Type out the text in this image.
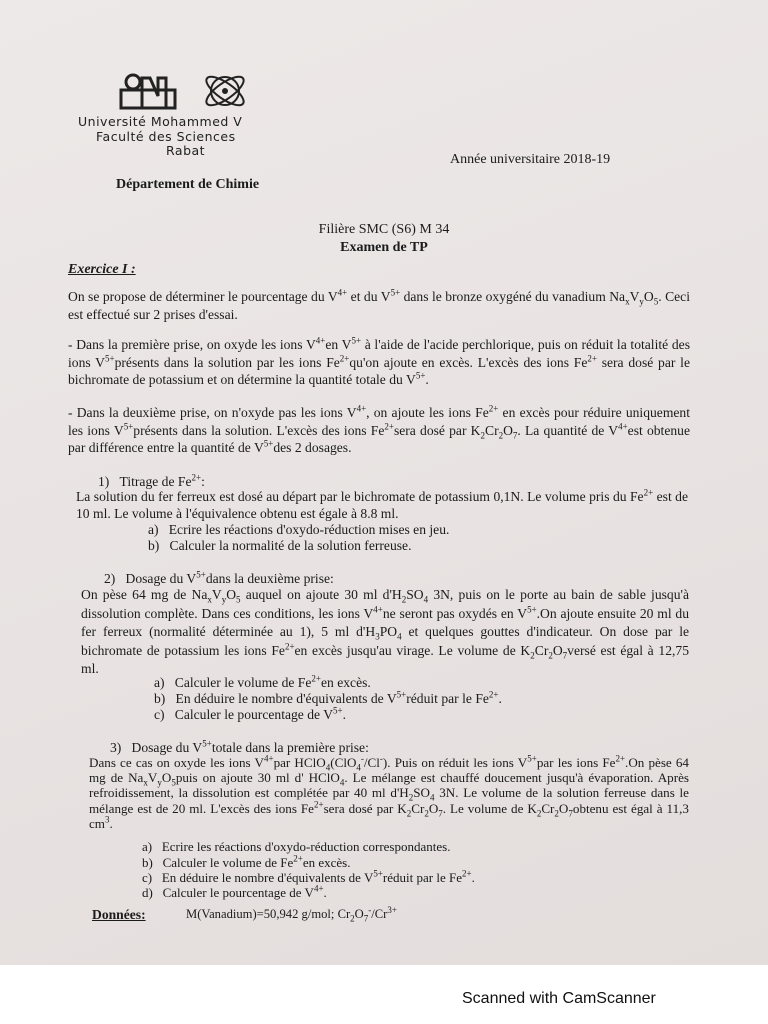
Université Mohammed V
Faculté des Sciences
Rabat
Année universitaire 2018-19
Département de Chimie
Filière SMC (S6) M 34
Examen de TP
Exercice I :
On se propose de déterminer le pourcentage du $V^{4+}$ et du $V^{5+}$ dans le bronze oxygéné du vanadium $Na_xV_yO_5$. Ceci est effectué sur 2 prises d'essai.
- Dans la première prise, on oxyde les ions $V^{4+}en$ $V^{5+}$ à l'aide de l'acide perchlorique, puis on réduit la totalité des ions $V^{5+}présents$ dans la solution par les ions $Fe^{2+}qu'on$ ajoute en excès. L'excès des ions $Fe^{2+}$ sera dosé par le bichromate de potassium et on détermine la quantité totale du $V^{5+}$.
- Dans la deuxième prise, on n'oxyde pas les ions $V^{4+}$, on ajoute les ions $Fe^{2+}$ en excès pour réduire uniquement les ions $V^{5+}présents$ dans la solution. L'excès des ions $Fe^{2+}sera$ dosé par $K_2Cr_2O_7$. La quantité de $V^{4+}est$ obtenue par différence entre la quantité de $V^{5+}des$ 2 dosages.
1)   Titrage de $Fe^{2+}$:
La solution du fer ferreux est dosé au départ par le bichromate de potassium 0,1N. Le volume pris du $Fe^{2+}$ est de 10 ml. Le volume à l'équivalence obtenu est égale à 8.8 ml.
a)   Ecrire les réactions d'oxydo-réduction mises en jeu.
b)   Calculer la normalité de la solution ferreuse.
2)   Dosage du $V^{5+}dans$ la deuxième prise:
On pèse 64 mg de $Na_xV_yO_5$ auquel on ajoute 30 ml $d'H_2SO_4$ 3N, puis on le porte au bain de sable jusqu'à dissolution complète. Dans ces conditions, les ions $V^{4+}ne$ seront pas oxydés en $V^{5+}.On$ ajoute ensuite 20 ml du fer ferreux (normalité déterminée au 1), 5 ml $d'H_3PO_4$ et quelques gouttes d'indicateur. On dose par le bichromate de potassium les ions $Fe^{2+}en$ excès jusqu'au virage. Le volume de $K_2Cr_2O_7versé$ est égal à 12,75 ml.
a)   Calculer le volume de $Fe^{2+}en$ excès.
b)   En déduire le nombre d'équivalents de $V^{5+}réduit$ par le $Fe^{2+}$.
c)   Calculer le pourcentage de $V^{5+}$.
3)   Dosage du $V^{5+}totale$ dans la première prise:
Dans ce cas on oxyde les ions $V^{4+}par$ HClO$_4$(ClO$_4$-/Cl-). Puis on réduit les ions $V^{5+}par$ les ions $Fe^{2+}.On$ pèse 64 mg de $Na_xV_yO_5puis$ on ajoute 30 ml d' HClO$_4$. Le mélange est chauffé doucement jusqu'à évaporation. Après refroidissement, la dissolution est complétée par 40 ml $d'H_2SO_4$ 3N. Le volume de la solution ferreuse dans le mélange est de 20 ml. L'excès des ions $Fe^{2+}sera$ dosé par $K_2Cr_2O_7$. Le volume de $K_2Cr_2O_7obtenu$ est égal à 11,3 $cm^3$.
a)   Ecrire les réactions d'oxydo-réduction correspondantes.
b)   Calculer le volume de $Fe^{2+}en$ excès.
c)   En déduire le nombre d'équivalents de $V^{5+}réduit$ par le $Fe^{2+}$.
d)   Calculer le pourcentage de $V^{4+}$.
Données:	M(Vanadium)=50,942 g/mol; $Cr_2O_7^-/Cr^{3+}$
Scanned with CamScanner
